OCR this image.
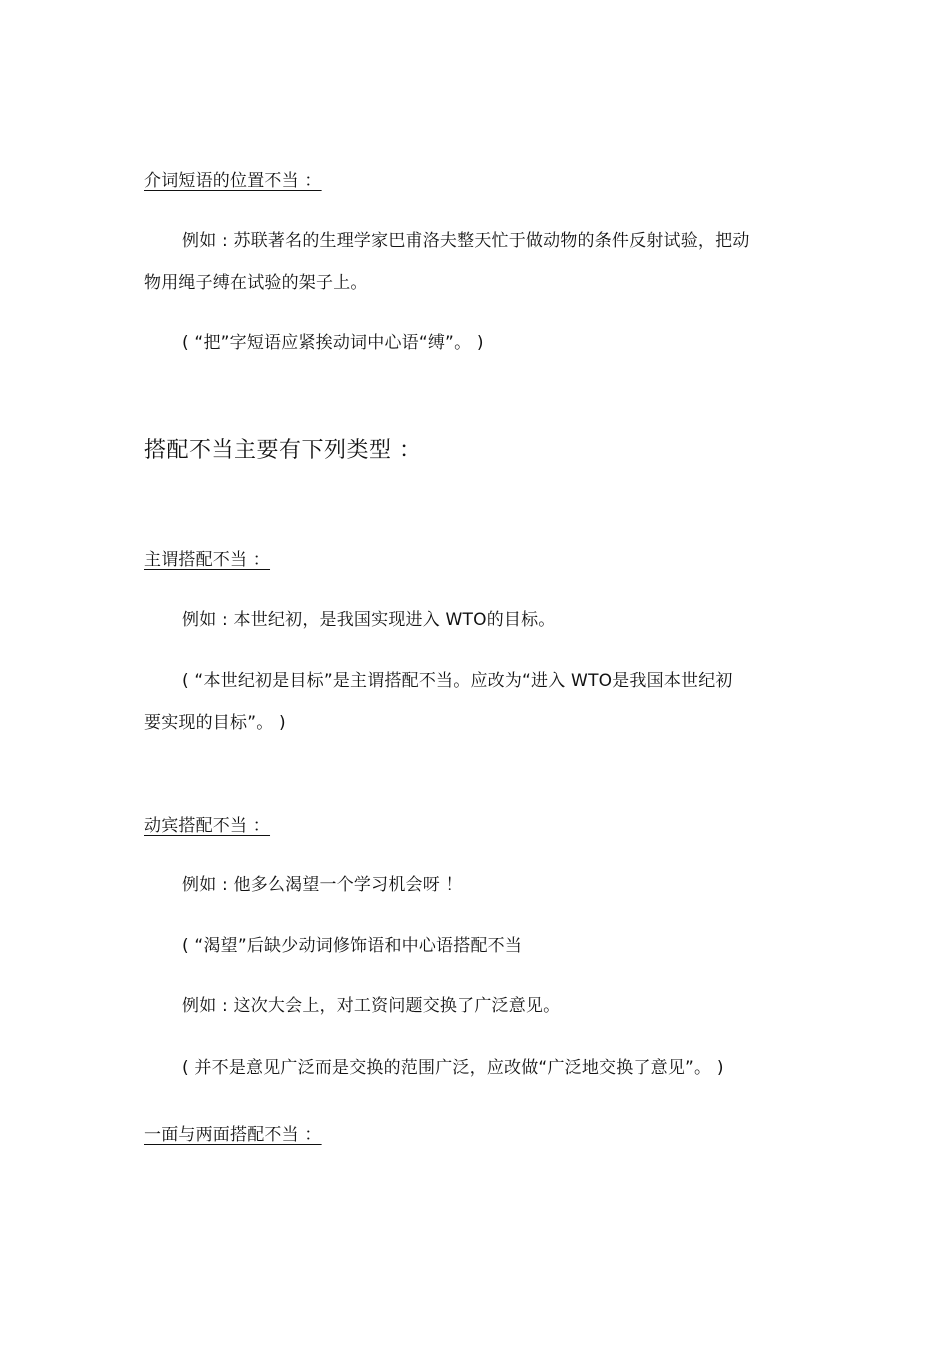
介词短语的位置不当 ：
例如 : 苏联著名的生理学家巴甫洛夫整天忙于做动物的条件反射试验，把动
物用绳子缚在试验的架子上。
( “把”字短语应紧挨动词中心语“缚”。 )
搭配不当主要有下列类型 ：
主谓搭配不当 ：
例如 : 本世纪初，是我国实现进入 WTO的目标。
( “本世纪初是目标”是主谓搭配不当。应改为“进入 WTO是我国本世纪初
要实现的目标”。 )
动宾搭配不当 ：
例如 : 他多么渴望一个学习机会呀 ！
( “渴望”后缺少动词修饰语和中心语搭配不当
例如 : 这次大会上，对工资问题交换了广泛意见。
( 并不是意见广泛而是交换的范围广泛，应改做“广泛地交换了意见”。 )
一面与两面搭配不当 ：
